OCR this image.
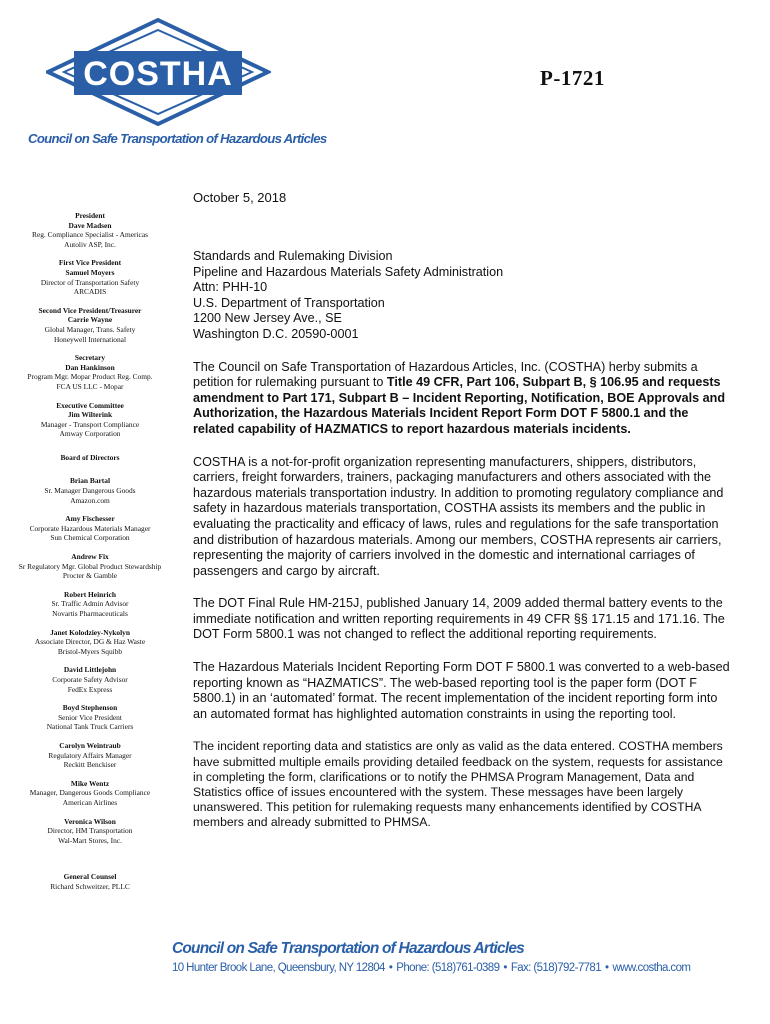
COSTHA
Council on Safe Transportation of Hazardous Articles
P-1721
October 5, 2018
President
Dave Madsen
Reg. Compliance Specialist - Americas
Autoliv ASP, Inc.
First Vice President
Samuel Moyers
Director of Transportation Safety
ARCADIS
Second Vice President/Treasurer
Carrie Wayne
Global Manager, Trans. Safety
Honeywell International
Secretary
Dan Hankinson
Program Mgr. Mopar Product Reg. Comp.
FCA US LLC - Mopar
Executive Committee
Jim Wilterink
Manager - Transport Compliance
Amway Corporation
Board of Directors
Brian Bartal
Sr. Manager Dangerous Goods
Amazon.com
Amy Fischesser
Corporate Hazardous Materials Manager
Sun Chemical Corporation
Andrew Fix
Sr Regulatory Mgr. Global Product Stewardship
Procter & Gamble
Robert Heinrich
Sr. Traffic Admin Advisor
Novartis Pharmaceuticals
Janet Kolodziey-Nykolyn
Associate Director, DG & Haz Waste
Bristol-Myers Squibb
David Littlejohn
Corporate Safety Advisor
FedEx Express
Boyd Stephenson
Senior Vice President
National Tank Truck Carriers
Carolyn Weintraub
Regulatory Affairs Manager
Reckitt Benckiser
Mike Wentz
Manager, Dangerous Goods Compliance
American Airlines
Veronica Wilson
Director, HM Transportation
Wal-Mart Stores, Inc.
General Counsel
Richard Schweitzer, PLLC
Standards and Rulemaking Division
Pipeline and Hazardous Materials Safety Administration
Attn: PHH-10
U.S. Department of Transportation
1200 New Jersey Ave., SE
Washington D.C. 20590-0001

The Council on Safe Transportation of Hazardous Articles, Inc. (COSTHA) herby submits a petition for rulemaking pursuant to Title 49 CFR, Part 106, Subpart B, § 106.95 and requests amendment to Part 171, Subpart B – Incident Reporting, Notification, BOE Approvals and Authorization, the Hazardous Materials Incident Report Form DOT F 5800.1 and the related capability of HAZMATICS to report hazardous materials incidents.

COSTHA is a not-for-profit organization representing manufacturers, shippers, distributors, carriers, freight forwarders, trainers, packaging manufacturers and others associated with the hazardous materials transportation industry. In addition to promoting regulatory compliance and safety in hazardous materials transportation, COSTHA assists its members and the public in evaluating the practicality and efficacy of laws, rules and regulations for the safe transportation and distribution of hazardous materials. Among our members, COSTHA represents air carriers, representing the majority of carriers involved in the domestic and international carriages of passengers and cargo by aircraft.

The DOT Final Rule HM-215J, published January 14, 2009 added thermal battery events to the immediate notification and written reporting requirements in 49 CFR §§ 171.15 and 171.16. The DOT Form 5800.1 was not changed to reflect the additional reporting requirements.

The Hazardous Materials Incident Reporting Form DOT F 5800.1 was converted to a web-based reporting known as “HAZMATICS”. The web-based reporting tool is the paper form (DOT F 5800.1) in an ‘automated’ format. The recent implementation of the incident reporting form into an automated format has highlighted automation constraints in using the reporting tool.

The incident reporting data and statistics are only as valid as the data entered. COSTHA members have submitted multiple emails providing detailed feedback on the system, requests for assistance in completing the form, clarifications or to notify the PHMSA Program Management, Data and Statistics office of issues encountered with the system. These messages have been largely unanswered. This petition for rulemaking requests many enhancements identified by COSTHA members and already submitted to PHMSA.

Council on Safe Transportation of Hazardous Articles
10 Hunter Brook Lane, Queensbury, NY 12804 • Phone: (518)761-0389 • Fax: (518)792-7781 • www.costha.com
